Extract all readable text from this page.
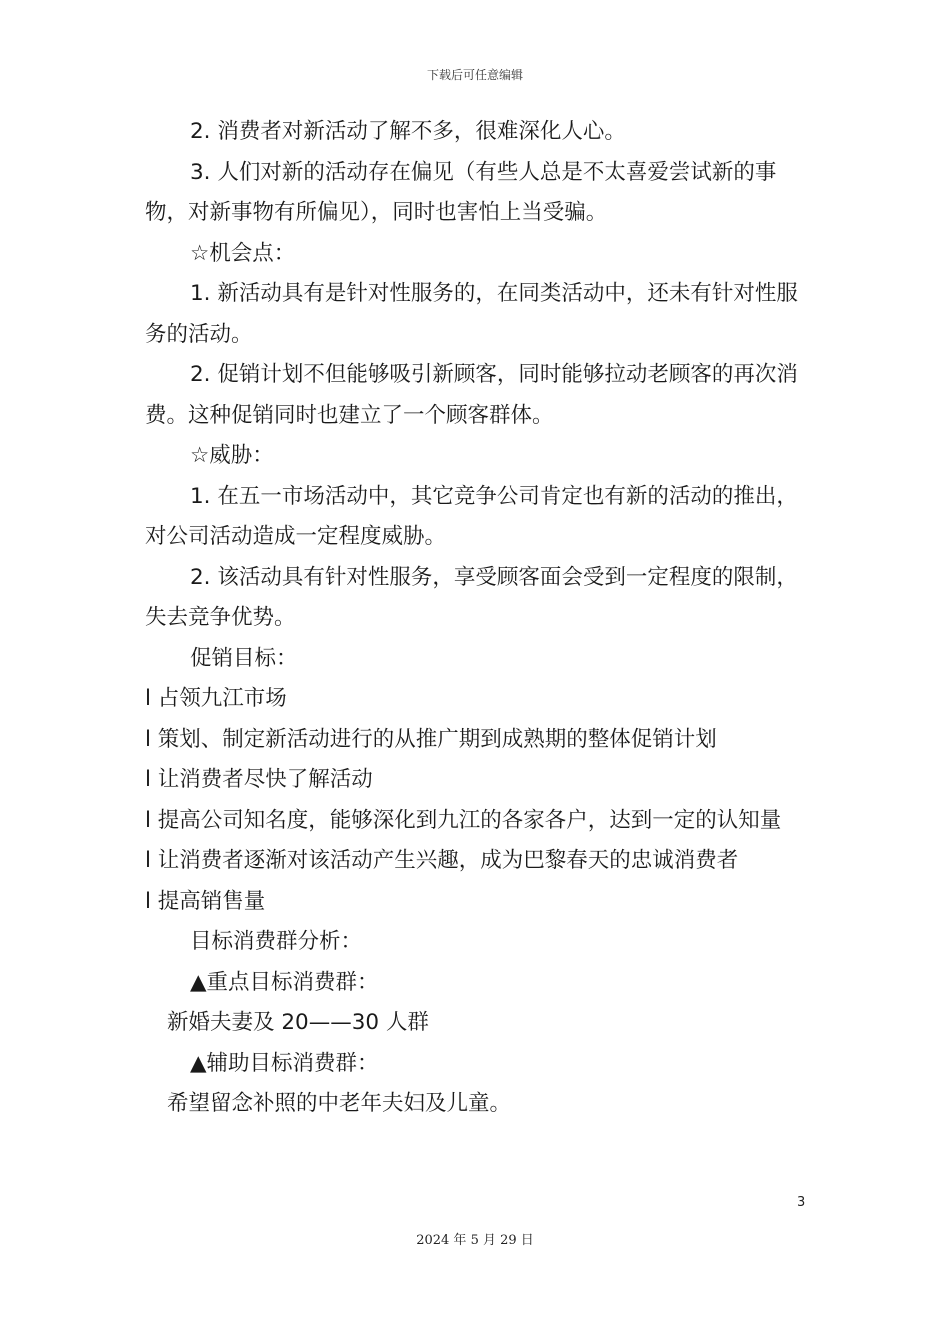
下载后可任意编辑

2. 消费者对新活动了解不多，很难深化人心。

3. 人们对新的活动存在偏见（有些人总是不太喜爱尝试新的事物，对新事物有所偏见），同时也害怕上当受骗。

☆机会点：

1. 新活动具有是针对性服务的，在同类活动中，还未有针对性服务的活动。

2. 促销计划不但能够吸引新顾客，同时能够拉动老顾客的再次消费。这种促销同时也建立了一个顾客群体。

☆威胁：

1. 在五一市场活动中，其它竞争公司肯定也有新的活动的推出，对公司活动造成一定程度威胁。

2. 该活动具有针对性服务，享受顾客面会受到一定程度的限制，失去竞争优势。

促销目标：

l 占领九江市场

l 策划、制定新活动进行的从推广期到成熟期的整体促销计划

l 让消费者尽快了解活动

l 提高公司知名度，能够深化到九江的各家各户，达到一定的认知量

l 让消费者逐渐对该活动产生兴趣，成为巴黎春天的忠诚消费者

l 提高销售量

目标消费群分析：

▲重点目标消费群：

新婚夫妻及 20——30 人群

▲辅助目标消费群：

希望留念补照的中老年夫妇及儿童。

3
2024 年 5 月 29 日
